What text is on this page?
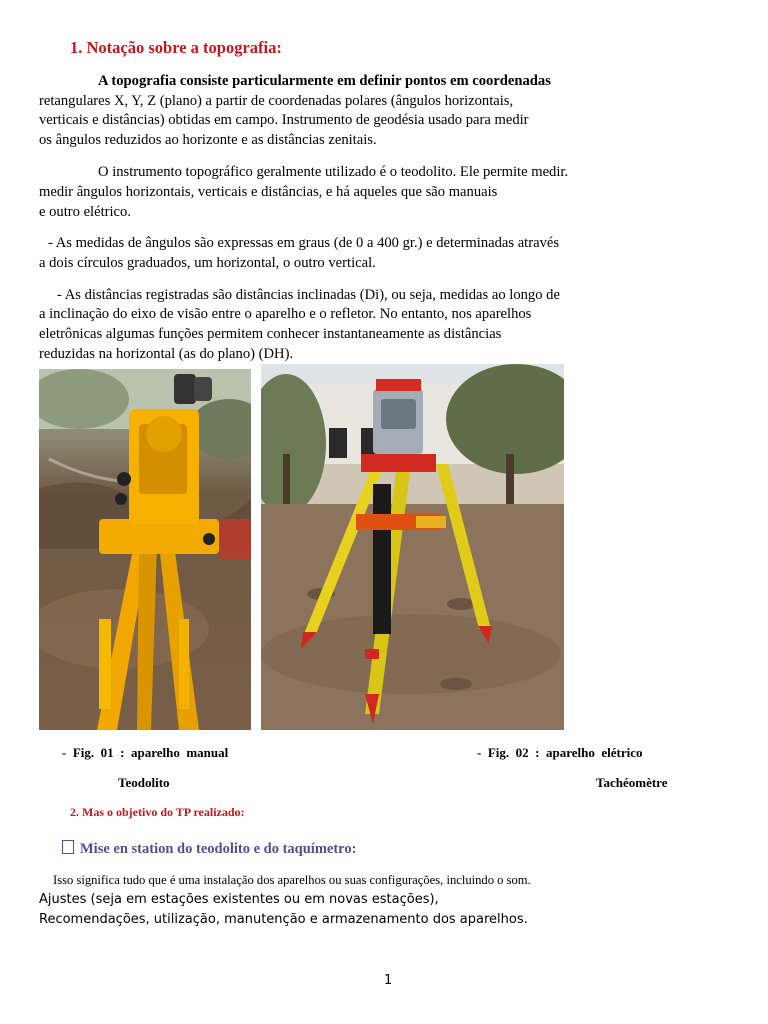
1. Notação sobre a topografia:
A topografia consiste particularmente em definir pontos em coordenadas
retangulares X, Y, Z (plano) a partir de coordenadas polares (ângulos horizontais,
verticais e distâncias) obtidas em campo. Instrumento de geodésia usado para medir
os ângulos reduzidos ao horizonte e as distâncias zenitais.
O instrumento topográfico geralmente utilizado é o teodolito. Ele permite medir.
medir ângulos horizontais, verticais e distâncias, e há aqueles que são manuais
e outro elétrico.
- As medidas de ângulos são expressas em graus (de 0 a 400 gr.) e determinadas através
a dois círculos graduados, um horizontal, o outro vertical.
- As distâncias registradas são distâncias inclinadas (Di), ou seja, medidas ao longo de
a inclinação do eixo de visão entre o aparelho e o refletor. No entanto, nos aparelhos
eletrônicas algumas funções permitem conhecer instantaneamente as distâncias
reduzidas na horizontal (as do plano) (DH).
-  Fig.  01  :  aparelho  manual
Teodolito
-  Fig.  02  :  aparelho  elétrico
Tachéomètre
2. Mas o objetivo do TP realizado:
Mise en station do teodolito e do taquímetro:
Isso significa tudo que é uma instalação dos aparelhos ou suas configurações, incluindo o som.
Ajustes (seja em estações existentes ou em novas estações),
Recomendações, utilização, manutenção e armazenamento dos aparelhos.
1
